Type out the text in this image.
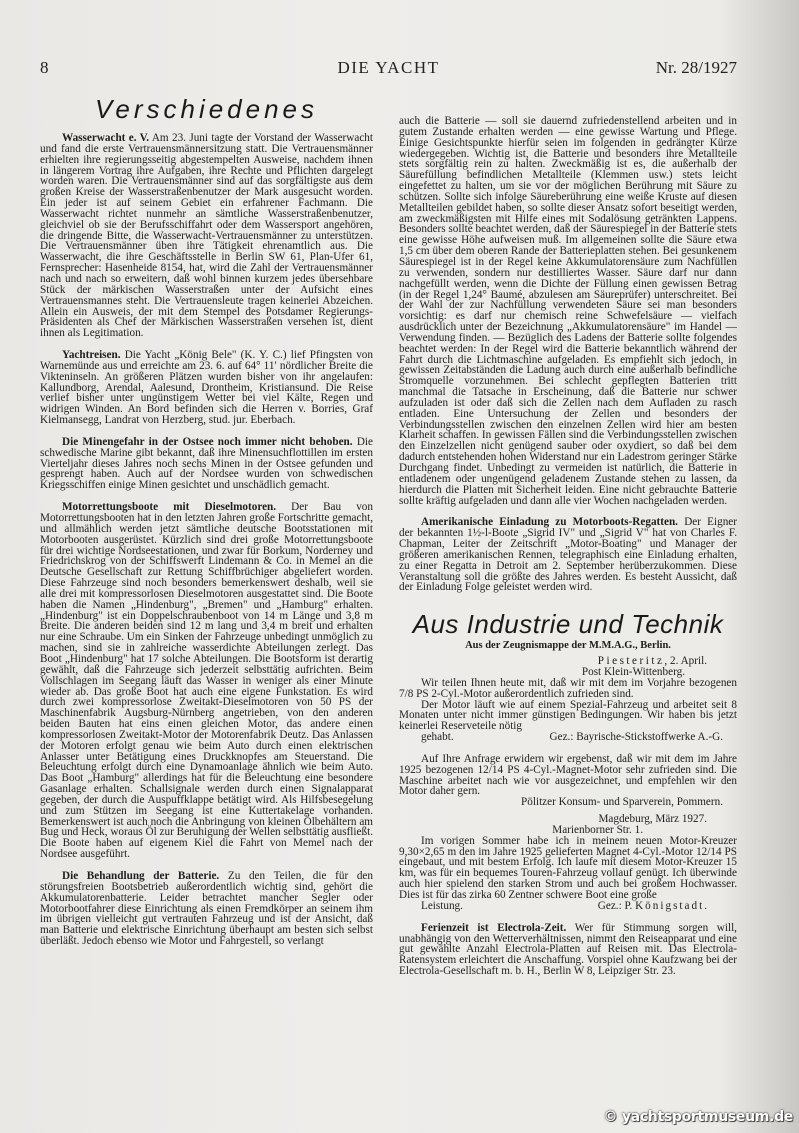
8	DIE YACHT	Nr. 28/1927
Verschiedenes

Wasserwacht e. V. Am 23. Juni tagte der Vorstand der Wasserwacht und fand die erste Vertrauensmännersitzung statt. Die Vertrauensmänner erhielten ihre regierungsseitig abgestempelten Ausweise, nachdem ihnen in längerem Vortrag ihre Aufgaben, ihre Rechte und Pflichten dargelegt worden waren. Die Vertrauensmänner sind auf das sorgfältigste aus dem großen Kreise der Wasserstraßenbenutzer der Mark ausgesucht worden. Ein jeder ist auf seinem Gebiet ein erfahrener Fachmann. Die Wasserwacht richtet nunmehr an sämtliche Wasserstraßenbenutzer, gleichviel ob sie der Berufsschiffahrt oder dem Wassersport angehören, die dringende Bitte, die Wasserwacht-Vertrauensmänner zu unterstützen. Die Vertrauensmänner üben ihre Tätigkeit ehrenamtlich aus. Die Wasserwacht, die ihre Geschäftsstelle in Berlin SW 61, Plan-Ufer 61, Fernsprecher: Hasenheide 8154, hat, wird die Zahl der Vertrauensmänner nach und nach so erweitern, daß wohl binnen kurzem jedes übersehbare Stück der märkischen Wasserstraßen unter der Aufsicht eines Vertrauensmannes steht. Die Vertrauensleute tragen keinerlei Abzeichen. Allein ein Ausweis, der mit dem Stempel des Potsdamer Regierungs-Präsidenten als Chef der Märkischen Wasserstraßen versehen ist, dient ihnen als Legitimation.

Yachtreisen. Die Yacht „König Bele" (K. Y. C.) lief Pfingsten von Warnemünde aus und erreichte am 23. 6. auf 64° 11′ nördlicher Breite die Vikteninseln. An größeren Plätzen wurden bisher von ihr angelaufen: Kallundborg, Arendal, Aalesund, Drontheim, Kristiansund. Die Reise verlief bisher unter ungünstigem Wetter bei viel Kälte, Regen und widrigen Winden. An Bord befinden sich die Herren v. Borries, Graf Kielmansegg, Landrat von Herzberg, stud. jur. Eberbach.

Die Minengefahr in der Ostsee noch immer nicht behoben. Die schwedische Marine gibt bekannt, daß ihre Minensuchflottillen im ersten Vierteljahr dieses Jahres noch sechs Minen in der Ostsee gefunden und gesprengt haben. Auch auf der Nordsee wurden von schwedischen Kriegsschiffen einige Minen gesichtet und unschädlich gemacht.

Motorrettungsboote mit Dieselmotoren. Der Bau von Motorrettungsbooten hat in den letzten Jahren große Fortschritte gemacht, und allmählich werden jetzt sämtliche deutsche Bootsstationen mit Motorbooten ausgerüstet. Kürzlich sind drei große Motorrettungsboote für drei wichtige Nordseestationen, und zwar für Borkum, Norderney und Friedrichskrog von der Schiffswerft Lindemann & Co. in Memel an die Deutsche Gesellschaft zur Rettung Schiffbrüchiger abgeliefert worden. Diese Fahrzeuge sind noch besonders bemerkenswert deshalb, weil sie alle drei mit kompressorlosen Dieselmotoren ausgestattet sind. Die Boote haben die Namen „Hindenburg", „Bremen" und „Hamburg" erhalten. „Hindenburg" ist ein Doppelschraubenboot von 14 m Länge und 3,8 m Breite. Die anderen beiden sind 12 m lang und 3,4 m breit und erhalten nur eine Schraube. Um ein Sinken der Fahrzeuge unbedingt unmöglich zu machen, sind sie in zahlreiche wasserdichte Abteilungen zerlegt. Das Boot „Hindenburg" hat 17 solche Abteilungen. Die Bootsform ist derartig gewählt, daß die Fahrzeuge sich jederzeit selbsttätig aufrichten. Beim Vollschlagen im Seegang läuft das Wasser in weniger als einer Minute wieder ab. Das große Boot hat auch eine eigene Funkstation. Es wird durch zwei kompressorlose Zweitakt-Dieselmotoren von 50 PS der Maschinenfabrik Augsburg-Nürnberg angetrieben, von den anderen beiden Bauten hat eins einen gleichen Motor, das andere einen kompressorlosen Zweitakt-Motor der Motorenfabrik Deutz. Das Anlassen der Motoren erfolgt genau wie beim Auto durch einen elektrischen Anlasser unter Betätigung eines Druckknopfes am Steuerstand. Die Beleuchtung erfolgt durch eine Dynamoanlage ähnlich wie beim Auto. Das Boot „Hamburg" allerdings hat für die Beleuchtung eine besondere Gasanlage erhalten. Schallsignale werden durch einen Signalapparat gegeben, der durch die Auspuffklappe betätigt wird. Als Hilfsbesegelung und zum Stützen im Seegang ist eine Kuttertakelage vorhanden. Bemerkenswert ist auch noch die Anbringung von kleinen Ölbehältern am Bug und Heck, woraus Öl zur Beruhigung der Wellen selbsttätig ausfließt. Die Boote haben auf eigenem Kiel die Fahrt von Memel nach der Nordsee ausgeführt.

Die Behandlung der Batterie. Zu den Teilen, die für den störungsfreien Bootsbetrieb außerordentlich wichtig sind, gehört die Akkumulatorenbatterie. Leider betrachtet mancher Segler oder Motorbootfahrer diese Einrichtung als einen Fremdkörper an seinem ihm im übrigen vielleicht gut vertrauten Fahrzeug und ist der Ansicht, daß man Batterie und elektrische Einrichtung überhaupt am besten sich selbst überläßt. Jedoch ebenso wie Motor und Fahrgestell, so verlangt

auch die Batterie — soll sie dauernd zufriedenstellend arbeiten und in gutem Zustande erhalten werden — eine gewisse Wartung und Pflege. Einige Gesichtspunkte hierfür seien im folgenden in gedrängter Kürze wiedergegeben. Wichtig ist, die Batterie und besonders ihre Metallteile stets sorgfältig rein zu halten. Zweckmäßig ist es, die außerhalb der Säurefüllung befindlichen Metallteile (Klemmen usw.) stets leicht eingefettet zu halten, um sie vor der möglichen Berührung mit Säure zu schützen. Sollte sich infolge Säureberührung eine weiße Kruste auf diesen Metallteilen gebildet haben, so sollte dieser Ansatz sofort beseitigt werden, am zweckmäßigsten mit Hilfe eines mit Sodalösung getränkten Lappens. Besonders sollte beachtet werden, daß der Säurespiegel in der Batterie stets eine gewisse Höhe aufweisen muß. Im allgemeinen sollte die Säure etwa 1,5 cm über dem oberen Rande der Batterieplatten stehen. Bei gesunkenem Säurespiegel ist in der Regel keine Akkumulatorensäure zum Nachfüllen zu verwenden, sondern nur destilliertes Wasser. Säure darf nur dann nachgefüllt werden, wenn die Dichte der Füllung einen gewissen Betrag (in der Regel 1,24° Baumé, abzulesen am Säureprüfer) unterschreitet. Bei der Wahl der zur Nachfüllung verwendeten Säure sei man besonders vorsichtig: es darf nur chemisch reine Schwefelsäure — vielfach ausdrücklich unter der Bezeichnung „Akkumulatorensäure" im Handel — Verwendung finden. — Bezüglich des Ladens der Batterie sollte folgendes beachtet werden: In der Regel wird die Batterie bekanntlich während der Fahrt durch die Lichtmaschine aufgeladen. Es empfiehlt sich jedoch, in gewissen Zeitabständen die Ladung auch durch eine außerhalb befindliche Stromquelle vorzunehmen. Bei schlecht gepflegten Batterien tritt manchmal die Tatsache in Erscheinung, daß die Batterie nur schwer aufzuladen ist oder daß sich die Zellen nach dem Aufladen zu rasch entladen. Eine Untersuchung der Zellen und besonders der Verbindungsstellen zwischen den einzelnen Zellen wird hier am besten Klarheit schaffen. In gewissen Fällen sind die Verbindungsstellen zwischen den Einzelzellen nicht genügend sauber oder oxydiert, so daß bei dem dadurch entstehenden hohen Widerstand nur ein Ladestrom geringer Stärke Durchgang findet. Unbedingt zu vermeiden ist natürlich, die Batterie in entladenem oder ungenügend geladenem Zustande stehen zu lassen, da hierdurch die Platten mit Sicherheit leiden. Eine nicht gebrauchte Batterie sollte kräftig aufgeladen und dann alle vier Wochen nachgeladen werden.

Amerikanische Einladung zu Motorboots-Regatten. Der Eigner der bekannten 1½-l-Boote „Sigrid IV" und „Sigrid V" hat von Charles F. Chapman, Leiter der Zeitschrift „Motor-Boating" und Manager der größeren amerikanischen Rennen, telegraphisch eine Einladung erhalten, zu einer Regatta in Detroit am 2. September herüberzukommen. Diese Veranstaltung soll die größte des Jahres werden. Es besteht Aussicht, daß der Einladung Folge geleistet werden wird.

Aus Industrie und Technik
Aus der Zeugnismappe der M.M.A.G., Berlin.

Piesteritz, 2. April.

Post Klein-Wittenberg.

Wir teilen Ihnen heute mit, daß wir mit dem im Vorjahre bezogenen 7/8 PS 2-Cyl.-Motor außerordentlich zufrieden sind.

Der Motor läuft wie auf einem Spezial-Fahrzeug und arbeitet seit 8 Monaten unter nicht immer günstigen Bedingungen. Wir haben bis jetzt keinerlei Reserveteile nötig

gehabt.	Gez.: Bayrische-Stickstoffwerke A.-G.

Auf Ihre Anfrage erwidern wir ergebenst, daß wir mit dem im Jahre 1925 bezogenen 12/14 PS 4-Cyl.-Magnet-Motor sehr zufrieden sind. Die Maschine arbeitet nach wie vor ausgezeichnet, und empfehlen wir den Motor daher gern.

Pölitzer Konsum- und Sparverein, Pommern.

Magdeburg, März 1927.

Marienborner Str. 1.

Im vorigen Sommer habe ich in meinem neuen Motor-Kreuzer 9,30×2,65 m den im Jahre 1925 gelieferten Magnet 4-Cyl.-Motor 12/14 PS eingebaut, und mit bestem Erfolg. Ich laufe mit diesem Motor-Kreuzer 15 km, was für ein bequemes Touren-Fahrzeug vollauf genügt. Ich überwinde auch hier spielend den starken Strom und auch bei großem Hochwasser. Dies ist für das zirka 60 Zentner schwere Boot eine große

Leistung.	Gez.: P. Königstadt.

Ferienzeit ist Electrola-Zeit. Wer für Stimmung sorgen will, unabhängig von den Wetterverhältnissen, nimmt den Reiseapparat und eine gut gewählte Anzahl Electrola-Platten auf Reisen mit. Das Electrola-Ratensystem erleichtert die Anschaffung. Vorspiel ohne Kaufzwang bei der Electrola-Gesellschaft m. b. H., Berlin W 8, Leipziger Str. 23.

© yachtsportmuseum.de
